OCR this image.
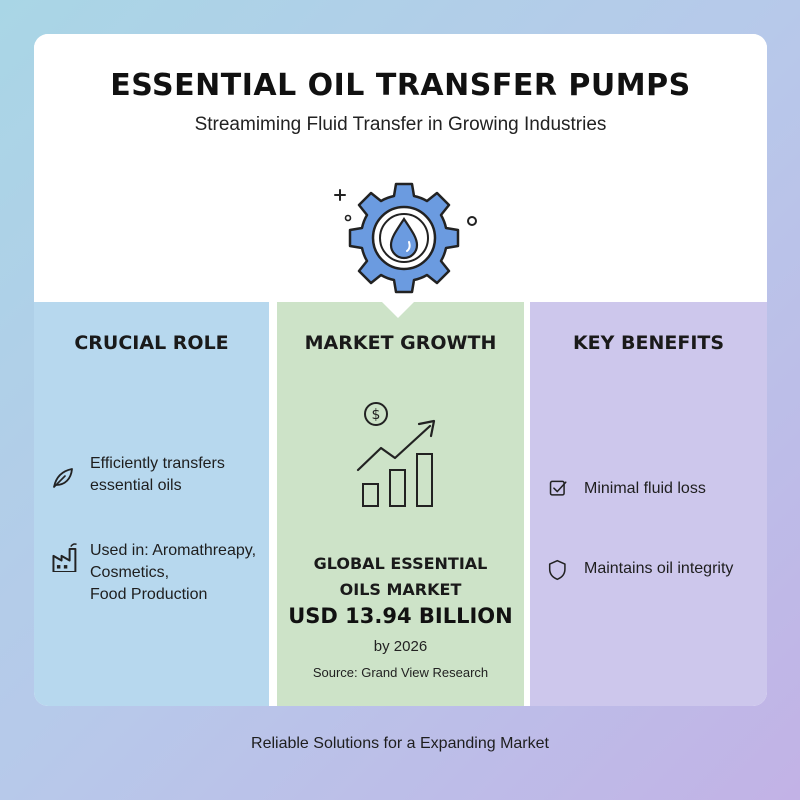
ESSENTIAL OIL TRANSFER PUMPS
Streamiming Fluid Transfer in Growing Industries
CRUCIAL ROLE
Efficiently transfers
essential oils
Used in: Aromathreapy,
Cosmetics,
Food Production
MARKET GROWTH
$
GLOBAL ESSENTIAL
OILS MARKET
USD 13.94 BILLION
by 2026
Source: Grand View Research
KEY BENEFITS
Minimal fluid loss
Maintains oil integrity
Reliable Solutions for a Expanding Market
